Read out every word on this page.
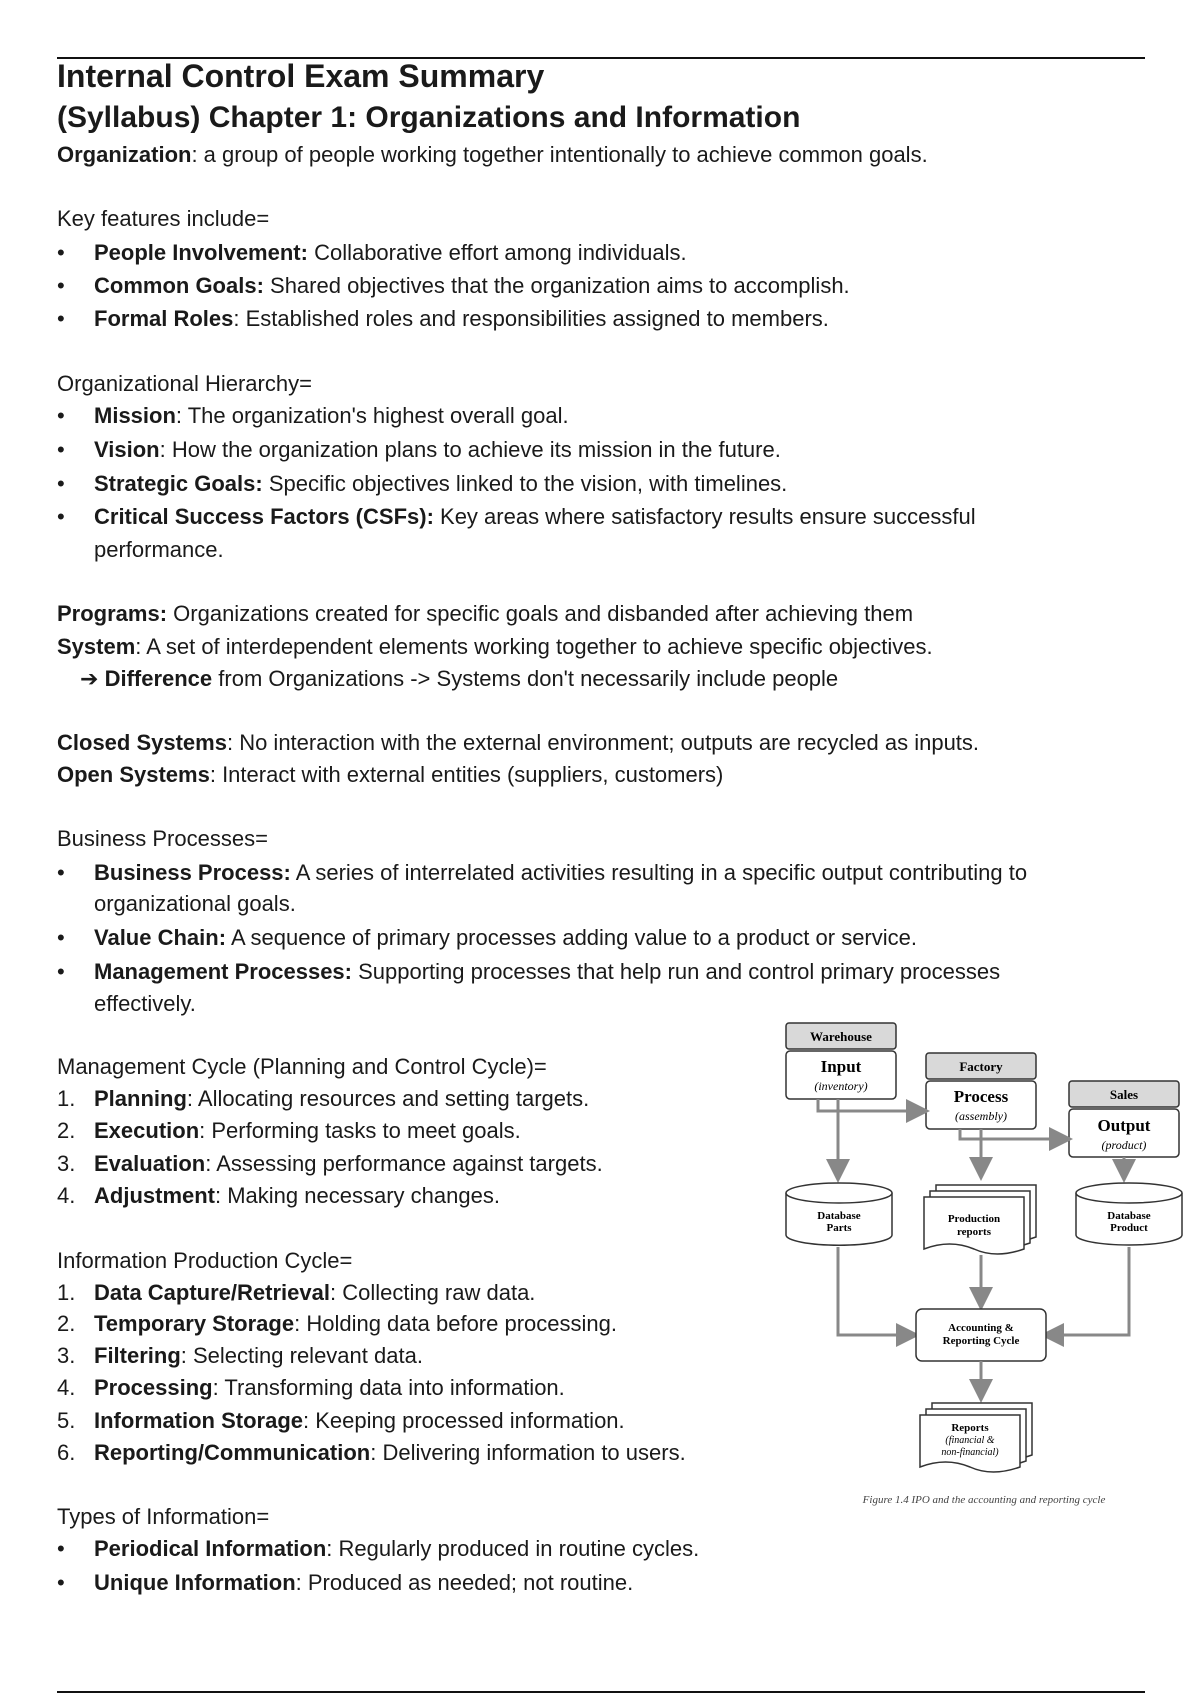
Internal Control Exam Summary
(Syllabus) Chapter 1: Organizations and Information
Organization: a group of people working together intentionally to achieve common goals.
Key features include=
•	People Involvement: Collaborative effort among individuals.
•	Common Goals: Shared objectives that the organization aims to accomplish.
•	Formal Roles: Established roles and responsibilities assigned to members.
Organizational Hierarchy=
•	Mission: The organization's highest overall goal.
•	Vision: How the organization plans to achieve its mission in the future.
•	Strategic Goals: Specific objectives linked to the vision, with timelines.
•	Critical Success Factors (CSFs): Key areas where satisfactory results ensure successful
performance.
Programs: Organizations created for specific goals and disbanded after achieving them
System: A set of interdependent elements working together to achieve specific objectives.
➔ Difference from Organizations -> Systems don't necessarily include people
Closed Systems: No interaction with the external environment; outputs are recycled as inputs.
Open Systems: Interact with external entities (suppliers, customers)
Business Processes=
•	Business Process: A series of interrelated activities resulting in a specific output contributing to
organizational goals.
•	Value Chain: A sequence of primary processes adding value to a product or service.
•	Management Processes: Supporting processes that help run and control primary processes
effectively.
Management Cycle (Planning and Control Cycle)=
1. Planning: Allocating resources and setting targets.
2. Execution: Performing tasks to meet goals.
3. Evaluation: Assessing performance against targets.
4. Adjustment: Making necessary changes.
Information Production Cycle=
1. Data Capture/Retrieval: Collecting raw data.
2. Temporary Storage: Holding data before processing.
3. Filtering: Selecting relevant data.
4. Processing: Transforming data into information.
5. Information Storage: Keeping processed information.
6. Reporting/Communication: Delivering information to users.
Types of Information=
•	Periodical Information: Regularly produced in routine cycles.
•	Unique Information: Produced as needed; not routine.
Warehouse
Input
(inventory)
Factory
Process
(assembly)
Sales
Output
(product)
Database
Parts
Production
reports
Database
Product
Accounting &
Reporting Cycle
Reports
(financial &
non-financial)
Figure 1.4 IPO and the accounting and reporting cycle
